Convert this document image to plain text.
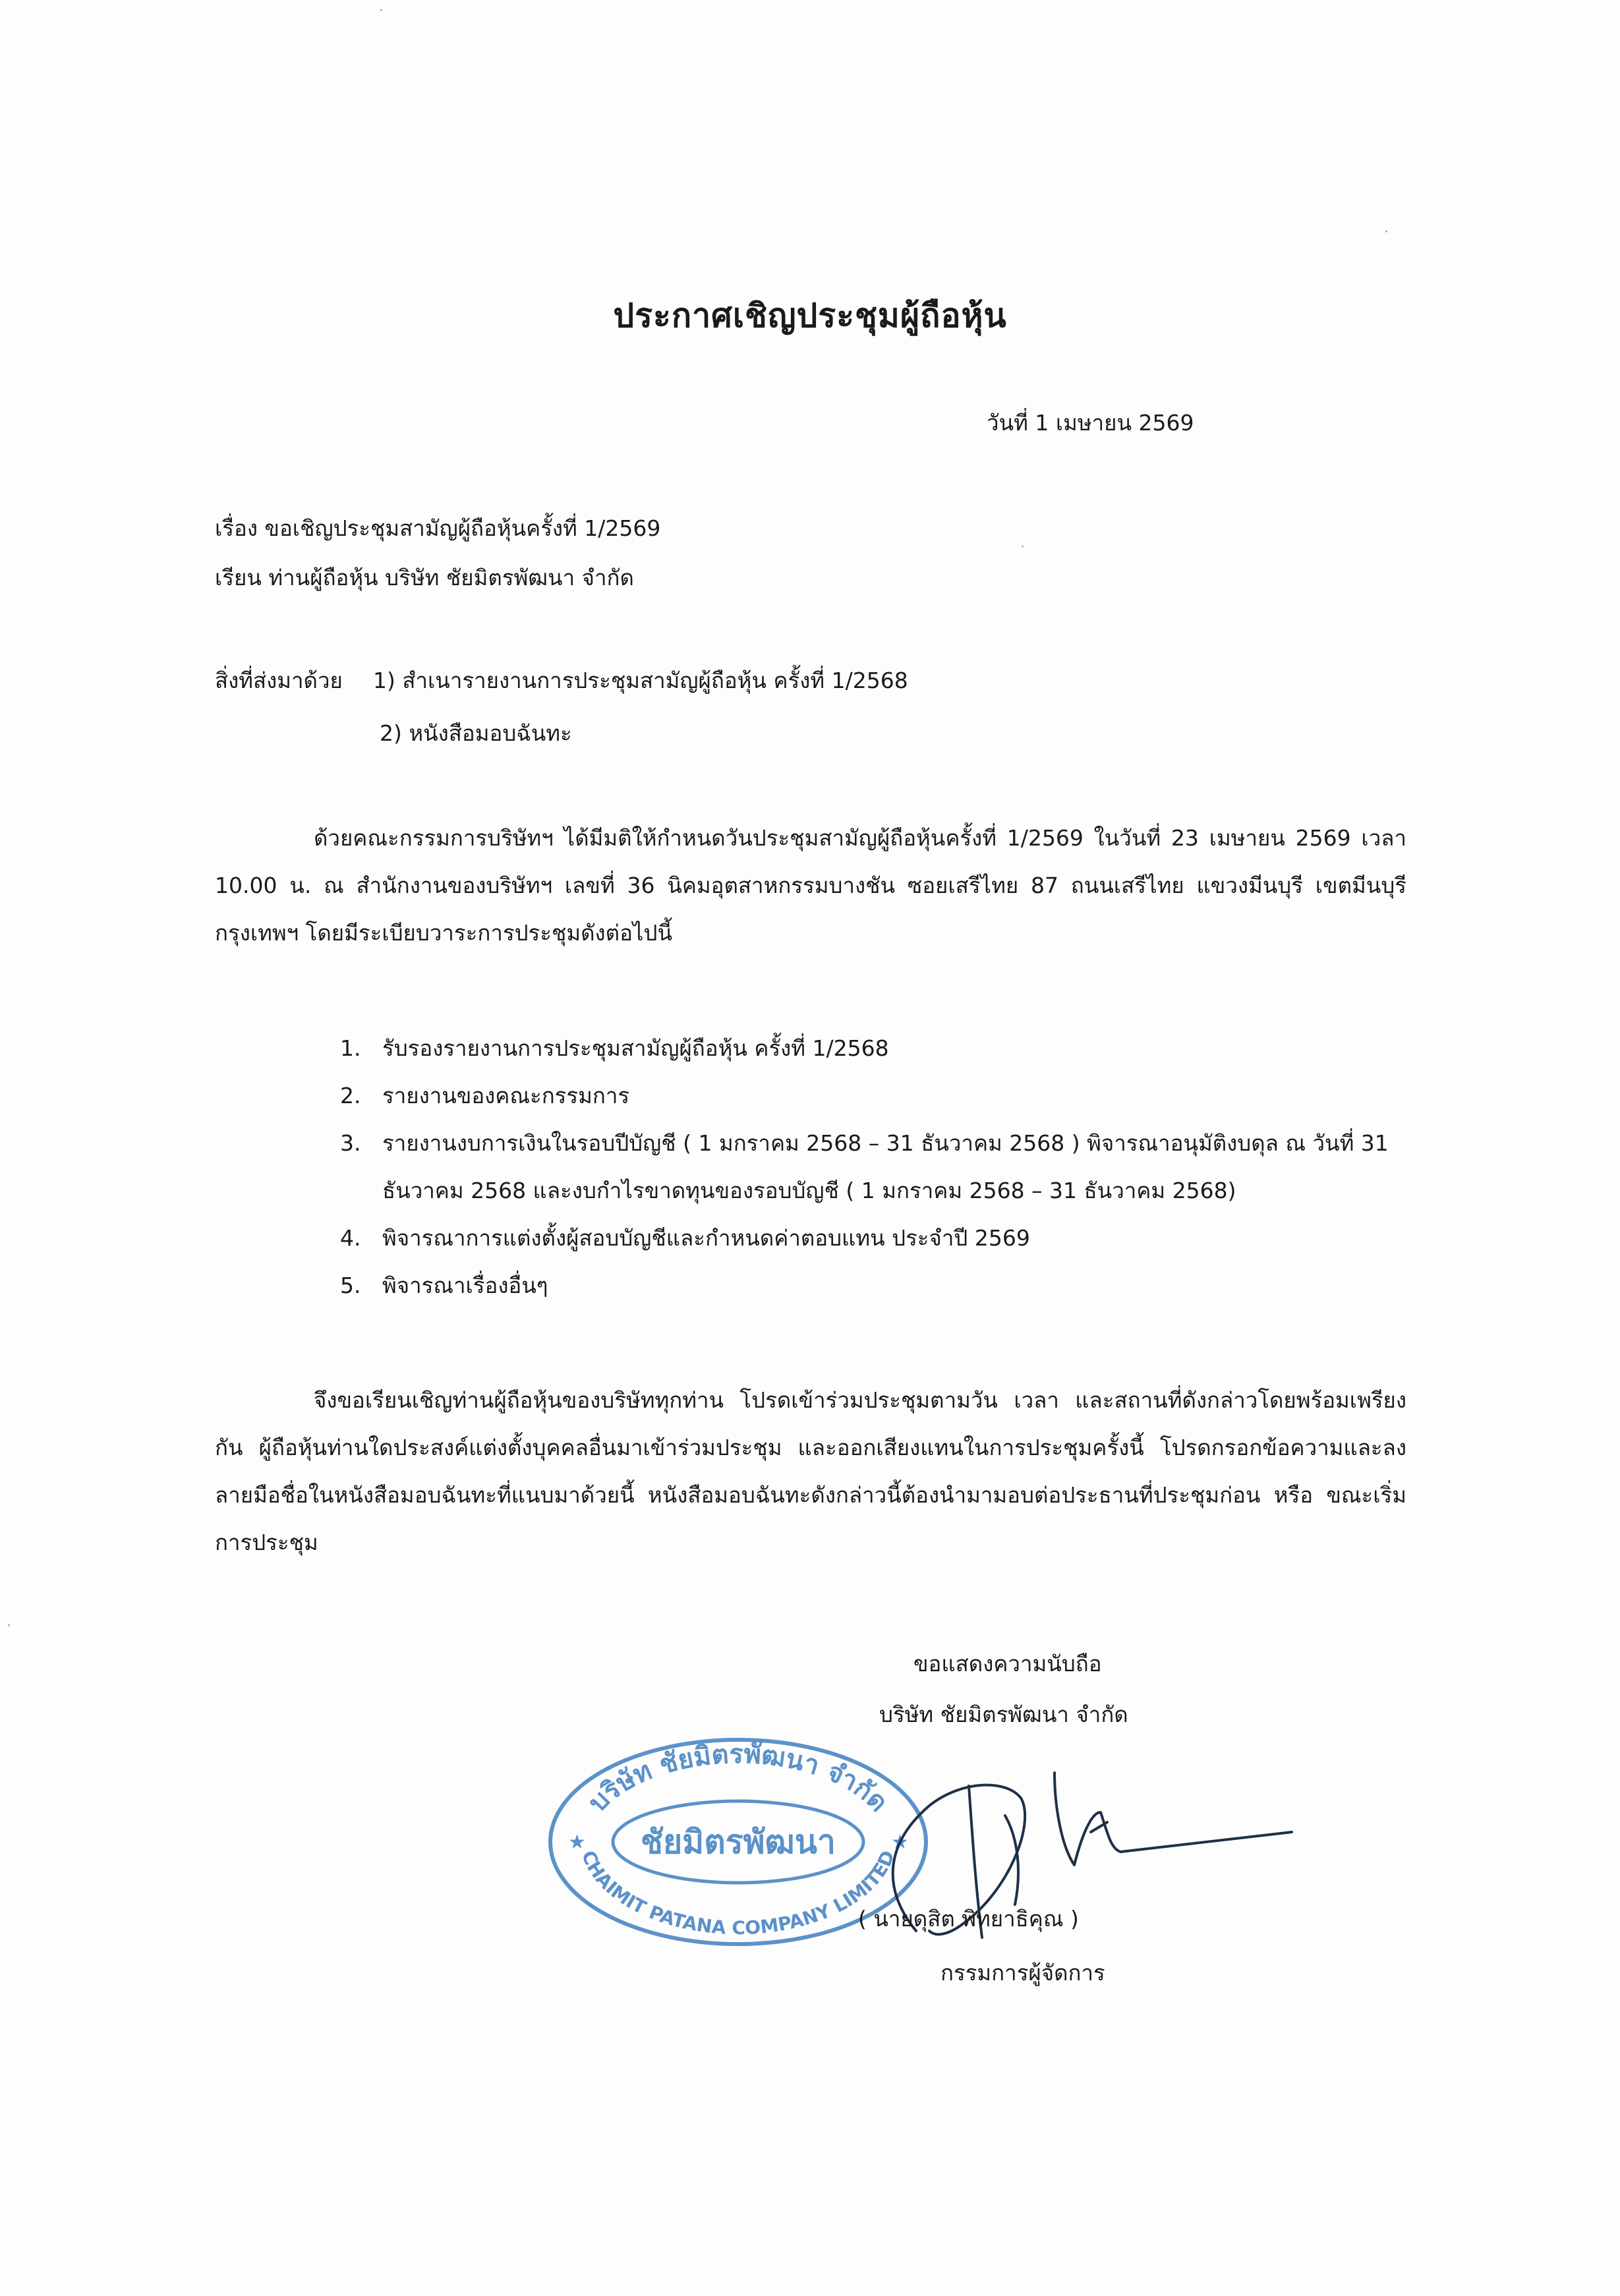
ประกาศเชิญประชุมผู้ถือหุ้น
วันที่ 1 เมษายน 2569
เรื่อง ขอเชิญประชุมสามัญผู้ถือหุ้นครั้งที่ 1/2569
เรียน ท่านผู้ถือหุ้น บริษัท ชัยมิตรพัฒนา จำกัด
สิ่งที่ส่งมาด้วย 1) สำเนารายงานการประชุมสามัญผู้ถือหุ้น ครั้งที่ 1/2568
2) หนังสือมอบฉันทะ
ด้วยคณะกรรมการบริษัทฯ ได้มีมติให้กำหนดวันประชุมสามัญผู้ถือหุ้นครั้งที่ 1/2569 ในวันที่ 23 เมษายน 2569 เวลา 10.00 น. ณ สำนักงานของบริษัทฯ เลขที่ 36 นิคมอุตสาหกรรมบางชัน ซอยเสรีไทย 87 ถนนเสรีไทย แขวงมีนบุรี เขตมีนบุรี กรุงเทพฯ โดยมีระเบียบวาระการประชุมดังต่อไปนี้
1. รับรองรายงานการประชุมสามัญผู้ถือหุ้น ครั้งที่ 1/2568
2. รายงานของคณะกรรมการ
3. รายงานงบการเงินในรอบปีบัญชี ( 1 มกราคม 2568 – 31 ธันวาคม 2568 ) พิจารณาอนุมัติงบดุล ณ วันที่ 31 ธันวาคม 2568 และงบกำไรขาดทุนของรอบบัญชี ( 1 มกราคม 2568 – 31 ธันวาคม 2568)
4. พิจารณาการแต่งตั้งผู้สอบบัญชีและกำหนดค่าตอบแทน ประจำปี 2569
5. พิจารณาเรื่องอื่นๆ
จึงขอเรียนเชิญท่านผู้ถือหุ้นของบริษัททุกท่าน โปรดเข้าร่วมประชุมตามวัน เวลา และสถานที่ดังกล่าวโดยพร้อมเพรียงกัน ผู้ถือหุ้นท่านใดประสงค์แต่งตั้งบุคคลอื่นมาเข้าร่วมประชุม และออกเสียงแทนในการประชุมครั้งนี้ โปรดกรอกข้อความและลงลายมือชื่อในหนังสือมอบฉันทะที่แนบมาด้วยนี้ หนังสือมอบฉันทะดังกล่าวนี้ต้องนำมามอบต่อประธานที่ประชุมก่อน หรือ ขณะเริ่มการประชุม
ขอแสดงความนับถือ
บริษัท ชัยมิตรพัฒนา จำกัด
บริษัท ชัยมิตรพัฒนา จำกัด
ชัยมิตรพัฒนา
CHAIMIT PATANA COMPANY LIMITED
★	★
( นายดุสิต พิทยาธิคุณ )
กรรมการผู้จัดการ
·
·
·
·
